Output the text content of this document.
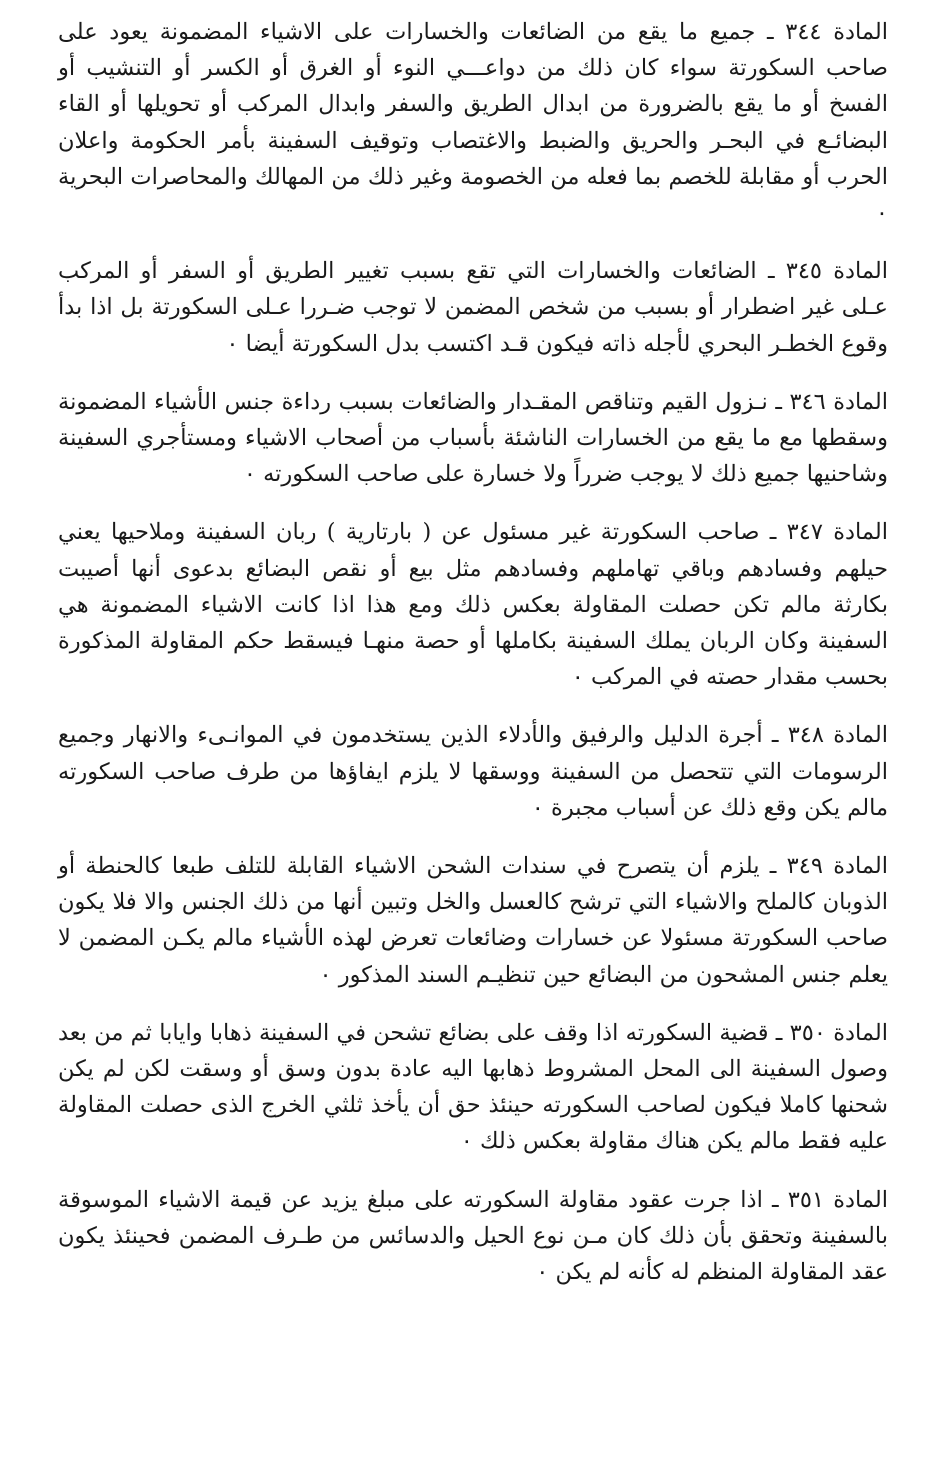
المادة ٣٤٤ ـ جميع ما يقع من الضائعات والخسارات على الاشياء المضمونة يعود على صاحب السكورتة سواء كان ذلك من دواعـــي النوء أو الغرق أو الكسر أو التنشيب أو الفسخ أو ما يقع بالضرورة من ابدال الطريق والسفر وابدال المركب أو تحويلها أو القاء البضائـع في البحـر والحريق والضبط والاغتصاب وتوقيف السفينة بأمر الحكومة واعلان الحرب أو مقابلة للخصم بما فعله من الخصومة وغير ذلك من المهالك والمحاصرات البحرية ٠

المادة ٣٤٥ ـ الضائعات والخسارات التي تقع بسبب تغيير الطريق أو السفر أو المركب عـلى غير اضطرار أو بسبب من شخص المضمن لا توجب ضـررا عـلى السكورتة بل اذا بدأ وقوع الخطـر البحري لأجله ذاته فيكون قـد اكتسب بدل السكورتة أيضا ٠

المادة ٣٤٦ ـ نـزول القيم وتناقص المقـدار والضائعات بسبب رداءة جنس الأشياء المضمونة وسقطها مع ما يقع من الخسارات الناشئة بأسباب من أصحاب الاشياء ومستأجري السفينة وشاحنيها جميع ذلك لا يوجب ضرراً ولا خسارة على صاحب السكورته ٠

المادة ٣٤٧ ـ صاحب السكورتة غير مسئول عن ( بارتارية ) ربان السفينة وملاحيها يعني حيلهم وفسادهم وباقي تهاملهم وفسادهم مثل بيع أو نقص البضائع بدعوى أنها أصيبت بكارثة مالم تكن حصلت المقاولة بعكس ذلك ومع هذا اذا كانت الاشياء المضمونة هي السفينة وكان الربان يملك السفينة بكاملها أو حصة منهـا فيسقط حكم المقاولة المذكورة بحسب مقدار حصته في المركب ٠

المادة ٣٤٨ ـ أجرة الدليل والرفيق والأدلاء الذين يستخدمون في الموانـىء والانهار وجميع الرسومات التي تتحصل من السفينة ووسقها لا يلزم ايفاؤها من طرف صاحب السكورته مالم يكن وقع ذلك عن أسباب مجبرة ٠

المادة ٣٤٩ ـ يلزم أن يتصرح في سندات الشحن الاشياء القابلة للتلف طبعا كالحنطة أو الذوبان كالملح والاشياء التي ترشح كالعسل والخل وتبين أنها من ذلك الجنس والا فلا يكون صاحب السكورتة مسئولا عن خسارات وضائعات تعرض لهذه الأشياء مالم يكـن المضمن لا يعلم جنس المشحون من البضائع حين تنظيـم السند المذكور ٠

المادة ٣٥٠ ـ قضية السكورته اذا وقف على بضائع تشحن في السفينة ذهابا وايابا ثم من بعد وصول السفينة الى المحل المشروط ذهابها اليه عادة بدون وسق أو وسقت لكن لم يكن شحنها كاملا فيكون لصاحب السكورته حينئذ حق أن يأخذ ثلثي الخرج الذى حصلت المقاولة عليه فقط مالم يكن هناك مقاولة بعكس ذلك ٠

المادة ٣٥١ ـ اذا جرت عقود مقاولة السكورته على مبلغ يزيد عن قيمة الاشياء الموسوقة بالسفينة وتحقق بأن ذلك كان مـن نوع الحيل والدسائس من طـرف المضمن فحينئذ يكون عقد المقاولة المنظم له كأنه لم يكن ٠
